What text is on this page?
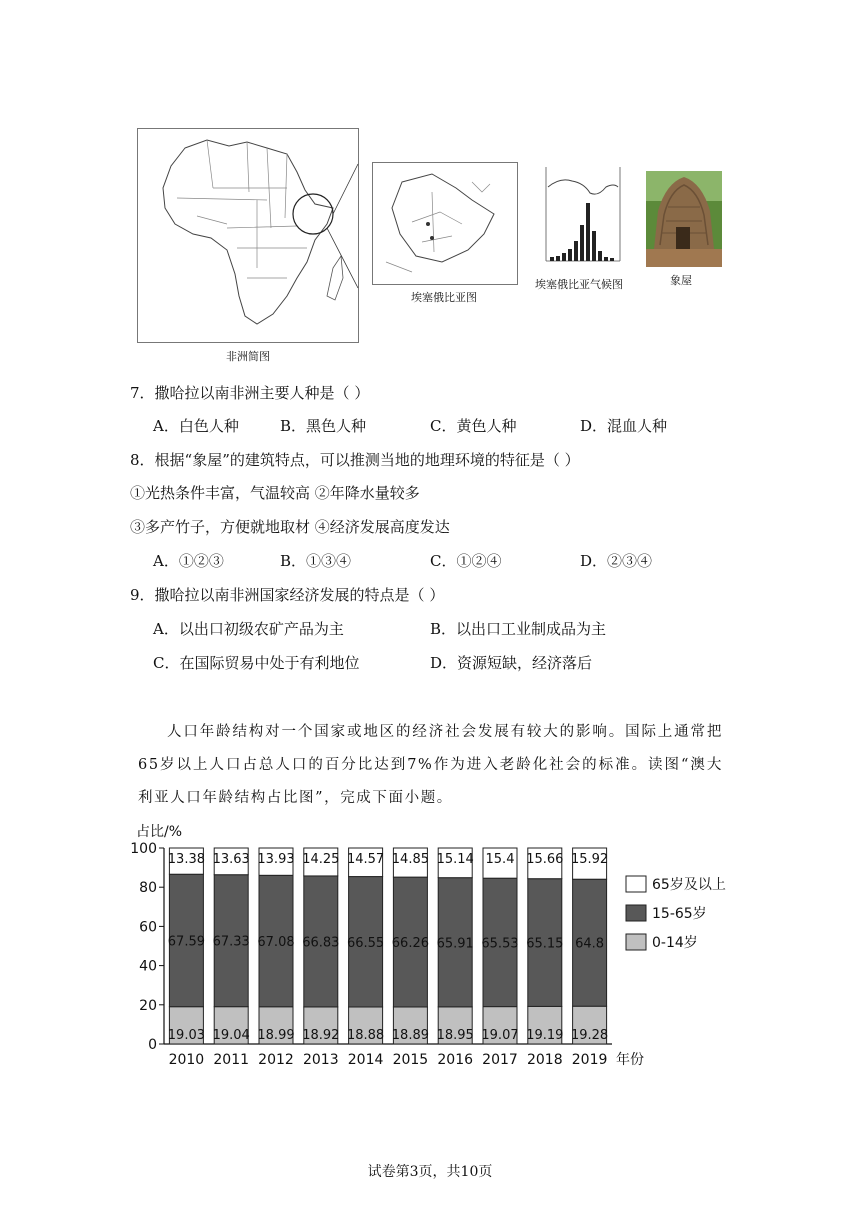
非洲简图
埃塞俄比亚图
埃塞俄比亚气候图	象屋
7．撒哈拉以南非洲主要人种是（ ）
A．白色人种	B．黑色人种	C．黄色人种	D．混血人种
8．根据“象屋”的建筑特点，可以推测当地的地理环境的特征是（ ）
①光热条件丰富，气温较高 ②年降水量较多
③多产竹子，方便就地取材 ④经济发展高度发达
A．①②③	B．①③④	C．①②④	D．②③④
9．撒哈拉以南非洲国家经济发展的特点是（ ）
A．以出口初级农矿产品为主	B．以出口工业制成品为主
C．在国际贸易中处于有利地位	D．资源短缺，经济落后
人口年龄结构对一个国家或地区的经济社会发展有较大的影响。国际上通常把65岁以上人口占总人口的百分比达到7%作为进入老龄化社会的标准。读图“澳大利亚人口年龄结构占比图”，完成下面小题。
占比/%
0
20
40
60
80
100
2010 2011 2012 2013 2014 2015 2016 2017 2018 2019 年份
19.03
67.59
13.38
19.04
67.33
13.63
18.99
67.08
13.93
18.92
66.83
14.25
18.88
66.55
14.57
18.89
66.26
14.85
18.95
65.91
15.14
19.07
65.53
15.4
19.19
65.15
15.66
19.28
64.8
15.92
65岁及以上
15-65岁
0-14岁
试卷第3页，共10页
